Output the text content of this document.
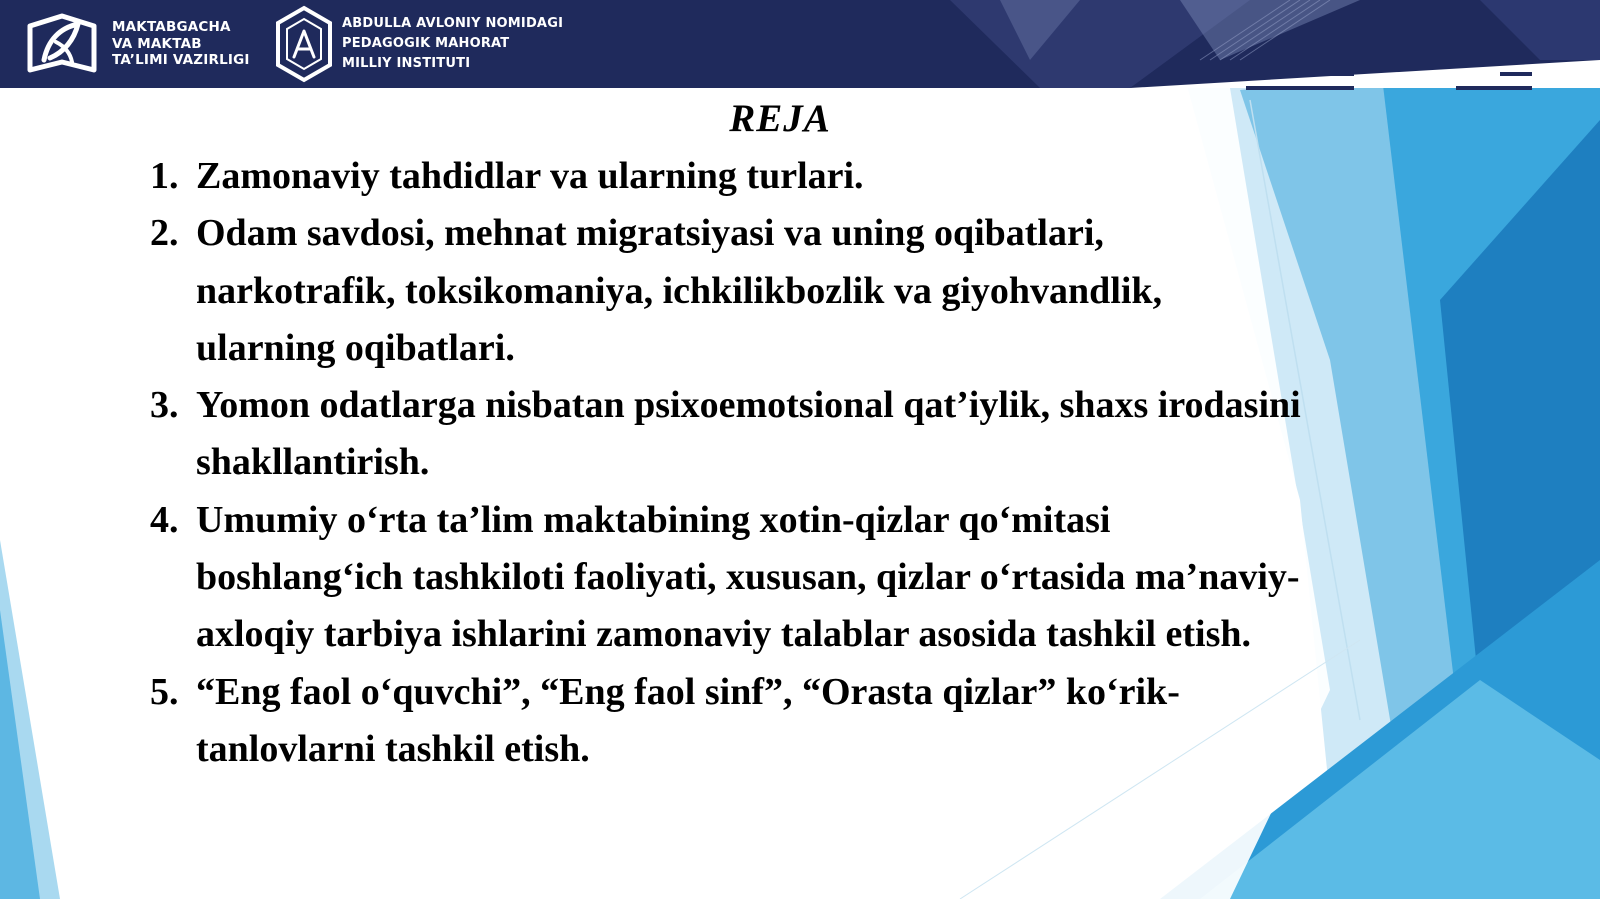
MAKTABGACHA
VA MAKTAB
TA’LIMI VAZIRLIGI
ABDULLA AVLONIY NOMIDAGI
PEDAGOGIK MAHORAT
MILLIY INSTITUTI
REJA
1. Zamonaviy tahdidlar va ularning turlari.
2. Odam savdosi, mehnat migratsiyasi va uning oqibatlari, narkotrafik, toksikomaniya, ichkilikbozlik va giyohvandlik, ularning oqibatlari.
3. Yomon odatlarga nisbatan psixoemotsional qat’iylik, shaxs irodasini shakllantirish.
4. Umumiy o‘rta ta’lim maktabining xotin-qizlar qo‘mitasi boshlang‘ich tashkiloti faoliyati, xususan, qizlar o‘rtasida ma’naviy-axloqiy tarbiya ishlarini zamonaviy talablar asosida tashkil etish.
5. “Eng faol o‘quvchi”, “Eng faol sinf”, “Orasta qizlar” ko‘rik-tanlovlarni tashkil etish.
